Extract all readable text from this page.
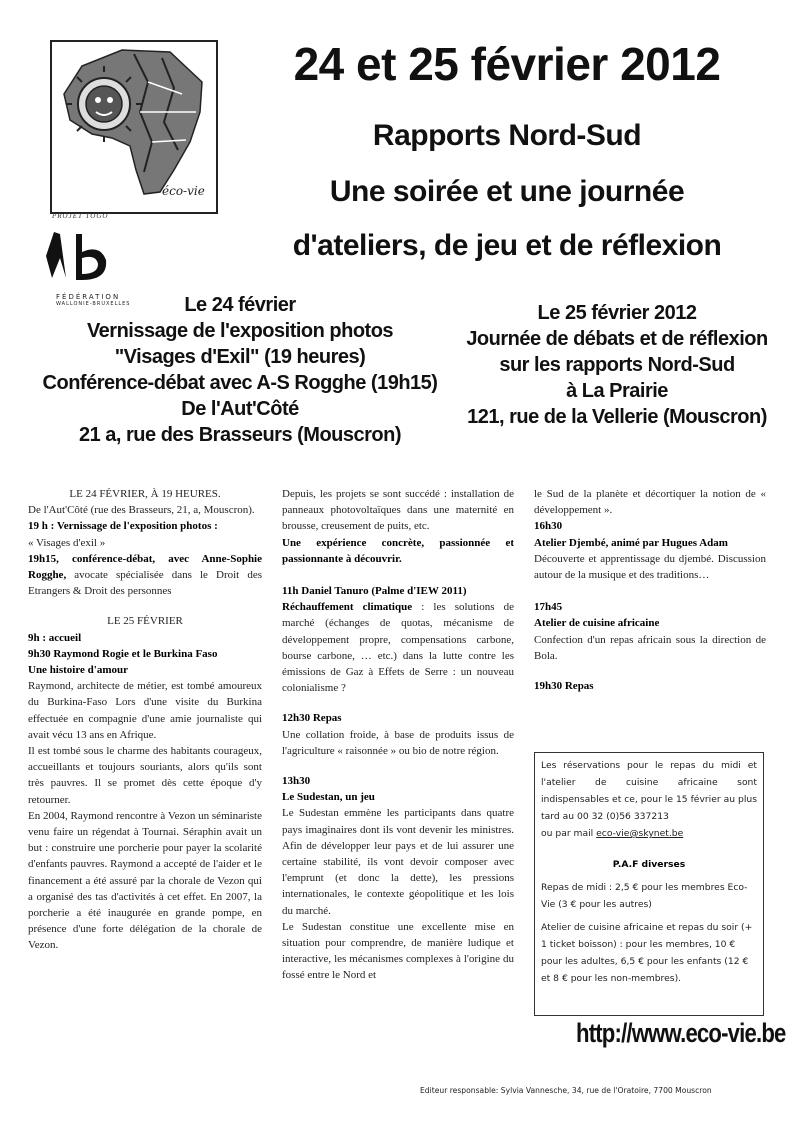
éco-vie
PROJET TOGO
FÉDÉRATION
WALLONIE-BRUXELLES
24 et 25 février 2012
Rapports Nord-Sud
Une soirée et une journée
d'ateliers, de jeu et de réflexion
Le 24 février
Vernissage de l'exposition photos
"Visages d'Exil" (19 heures)
Conférence-débat avec A-S Rogghe (19h15)
De l'Aut'Côté
21 a, rue des Brasseurs (Mouscron)
Le 25 février 2012
Journée de débats et de réflexion
sur les rapports Nord-Sud
à La Prairie
121, rue de la Vellerie (Mouscron)

LE 24 FÉVRIER, À 19 HEURES.

De l'Aut'Côté (rue des Brasseurs, 21, a, Mouscron).

19 h : Vernissage de l'exposition photos :

« Visages d'exil »

19h15, conférence-débat, avec Anne-Sophie Rogghe, avocate spécialisée dans le Droit des Etrangers & Droit des personnes

LE 25 FÉVRIER

9h : accueil

9h30 Raymond Rogie et le Burkina Faso

Une histoire d'amour

Raymond, architecte de métier, est tombé amoureux du Burkina-Faso Lors d'une visite du Burkina effectuée en compagnie d'une amie journaliste qui avait vécu 13 ans en Afrique.

Il est tombé sous le charme des habitants courageux, accueillants et toujours souriants, alors qu'ils sont très pauvres. Il se promet dès cette époque d'y retourner.

En 2004, Raymond rencontre à Vezon un séminariste venu faire un régendat à Tournai. Séraphin avait un but : construire une porcherie pour payer la scolarité d'enfants pauvres. Raymond a accepté de l'aider et le financement a été assuré par la chorale de Vezon qui a organisé des tas d'activités à cet effet. En 2007, la porcherie a été inaugurée en grande pompe, en présence d'une forte délégation de la chorale de Vezon.

Depuis, les projets se sont succédé : installation de panneaux photovoltaïques dans une maternité en brousse, creusement de puits, etc.

Une expérience concrète, passionnée et passionnante à découvrir.

11h Daniel Tanuro (Palme d'IEW 2011)

Réchauffement climatique : les solutions de marché (échanges de quotas, mécanisme de développement propre, compensations carbone, bourse carbone, … etc.) dans la lutte contre les émissions de Gaz à Effets de Serre : un nouveau colonialisme ?

12h30 Repas

Une collation froide, à base de produits issus de l'agriculture « raisonnée » ou bio de notre région.

13h30

Le Sudestan, un jeu

Le Sudestan emmène les participants dans quatre pays imaginaires dont ils vont devenir les ministres. Afin de développer leur pays et de lui assurer une certaine stabilité, ils vont devoir composer avec l'emprunt (et donc la dette), les pressions internationales, le contexte géopolitique et les lois du marché.

Le Sudestan constitue une excellente mise en situation pour comprendre, de manière ludique et interactive, les mécanismes complexes à l'origine du fossé entre le Nord et

le Sud de la planète et décortiquer la notion de « développement ».

16h30

Atelier Djembé, animé par Hugues Adam

Découverte et apprentissage du djembé. Discussion autour de la musique et des traditions…

17h45

Atelier de cuisine africaine

Confection d'un repas africain sous la direction de Bola.

19h30 Repas

Les réservations pour le repas du midi et l'atelier de cuisine africaine sont indispensables et ce, pour le 15 février au plus tard au 00 32 (0)56 337213

ou par mail eco-vie@skynet.be

P.A.F diverses

Repas de midi : 2,5 € pour les membres Eco-Vie (3 € pour les autres)

Atelier de cuisine africaine et repas du soir (+ 1 ticket boisson) : pour les membres, 10 € pour les adultes, 6,5 € pour les enfants (12 € et 8 € pour les non-membres).

http://www.eco-vie.be
Editeur responsable: Sylvia Vannesche, 34, rue de l'Oratoire, 7700 Mouscron
